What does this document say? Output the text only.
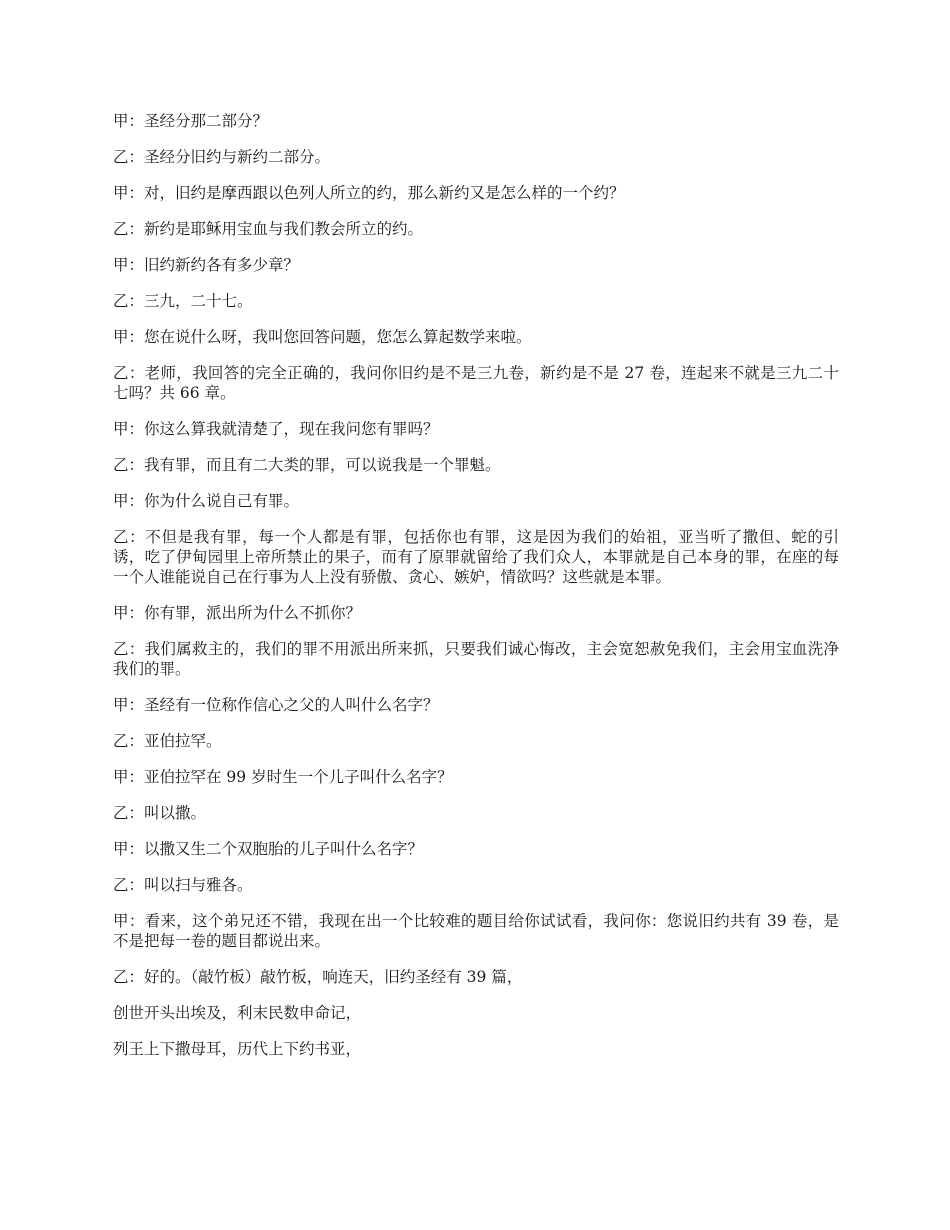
甲：圣经分那二部分？

乙：圣经分旧约与新约二部分。

甲：对，旧约是摩西跟以色列人所立的约，那么新约又是怎么样的一个约？

乙：新约是耶稣用宝血与我们教会所立的约。

甲：旧约新约各有多少章？

乙：三九，二十七。

甲：您在说什么呀，我叫您回答问题，您怎么算起数学来啦。

乙：老师，我回答的完全正确的，我问你旧约是不是三九卷，新约是不是 27 卷，连起来不就是三九二十七吗？共 66 章。

甲：你这么算我就清楚了，现在我问您有罪吗？

乙：我有罪，而且有二大类的罪，可以说我是一个罪魁。

甲：你为什么说自己有罪。

乙：不但是我有罪，每一个人都是有罪，包括你也有罪，这是因为我们的始祖，亚当听了撒但、蛇的引诱，吃了伊甸园里上帝所禁止的果子，而有了原罪就留给了我们众人，本罪就是自己本身的罪，在座的每一个人谁能说自己在行事为人上没有骄傲、贪心、嫉妒，情欲吗？这些就是本罪。

甲：你有罪，派出所为什么不抓你？

乙：我们属救主的，我们的罪不用派出所来抓，只要我们诚心悔改，主会宽恕赦免我们，主会用宝血洗净我们的罪。

甲：圣经有一位称作信心之父的人叫什么名字？

乙：亚伯拉罕。

甲：亚伯拉罕在 99 岁时生一个儿子叫什么名字？

乙：叫以撒。

甲：以撒又生二个双胞胎的儿子叫什么名字？

乙：叫以扫与雅各。

甲：看来，这个弟兄还不错，我现在出一个比较难的题目给你试试看，我问你：您说旧约共有 39 卷，是不是把每一卷的题目都说出来。

乙：好的。（敲竹板）敲竹板，响连天，旧约圣经有 39 篇，

创世开头出埃及，利末民数申命记，

列王上下撒母耳，历代上下约书亚，
